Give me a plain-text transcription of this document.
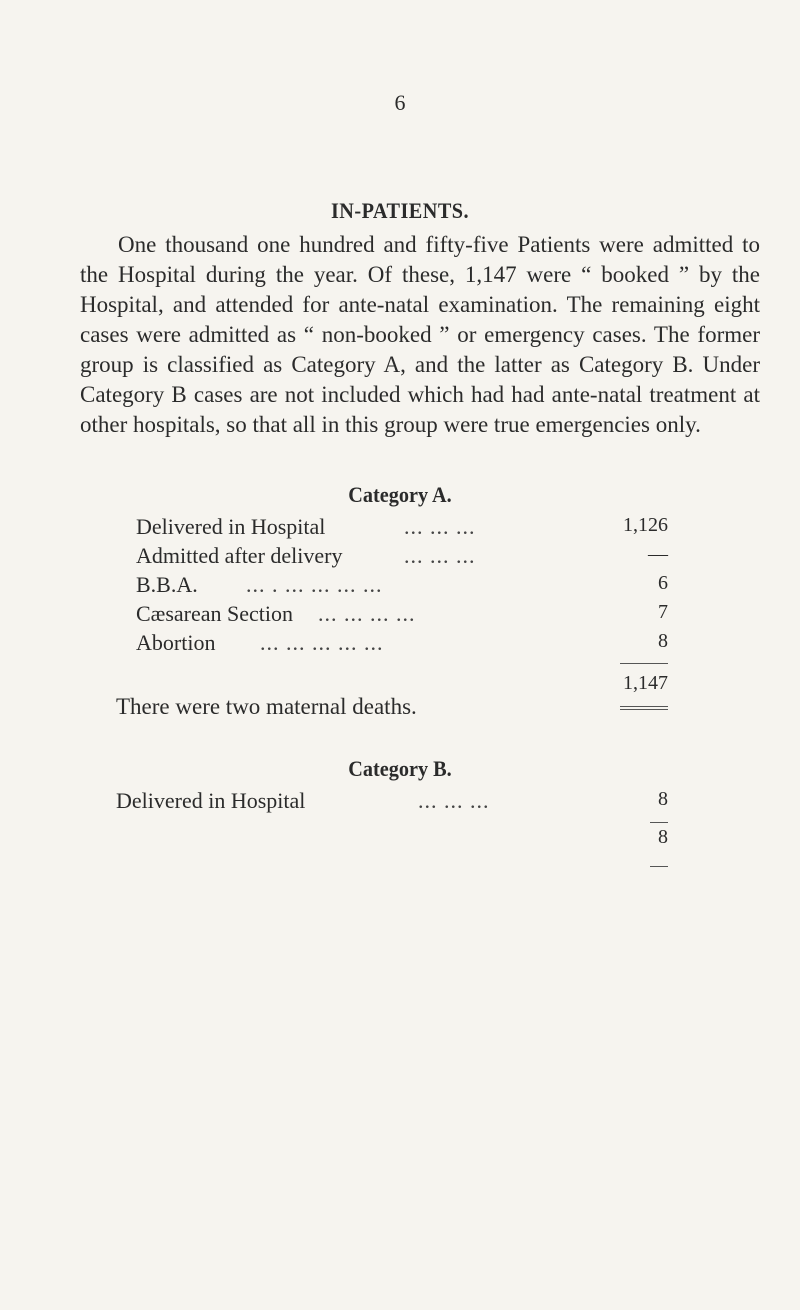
6
IN-PATIENTS.

One thousand one hundred and fifty-five Patients were admitted to the Hospital during the year. Of these, 1,147 were “ booked ” by the Hospital, and attended for ante-natal examination. The remaining eight cases were admitted as “ non-booked ” or emergency cases. The former group is classified as Category A, and the latter as Category B. Under Category B cases are not included which had had ante-natal treatment at other hospitals, so that all in this group were true emergencies only.

Category A.
Delivered in Hospital	... ... ...	1,126
Admitted after delivery	... ... ...	—
B.B.A. ... . ... ... ... ...	6
Cæsarean Section ... ... ... ...	7
Abortion ... ... ... ... ...	8
1,147
There were two maternal deaths.
Category B.
Delivered in Hospital	... ... ...	8
8
